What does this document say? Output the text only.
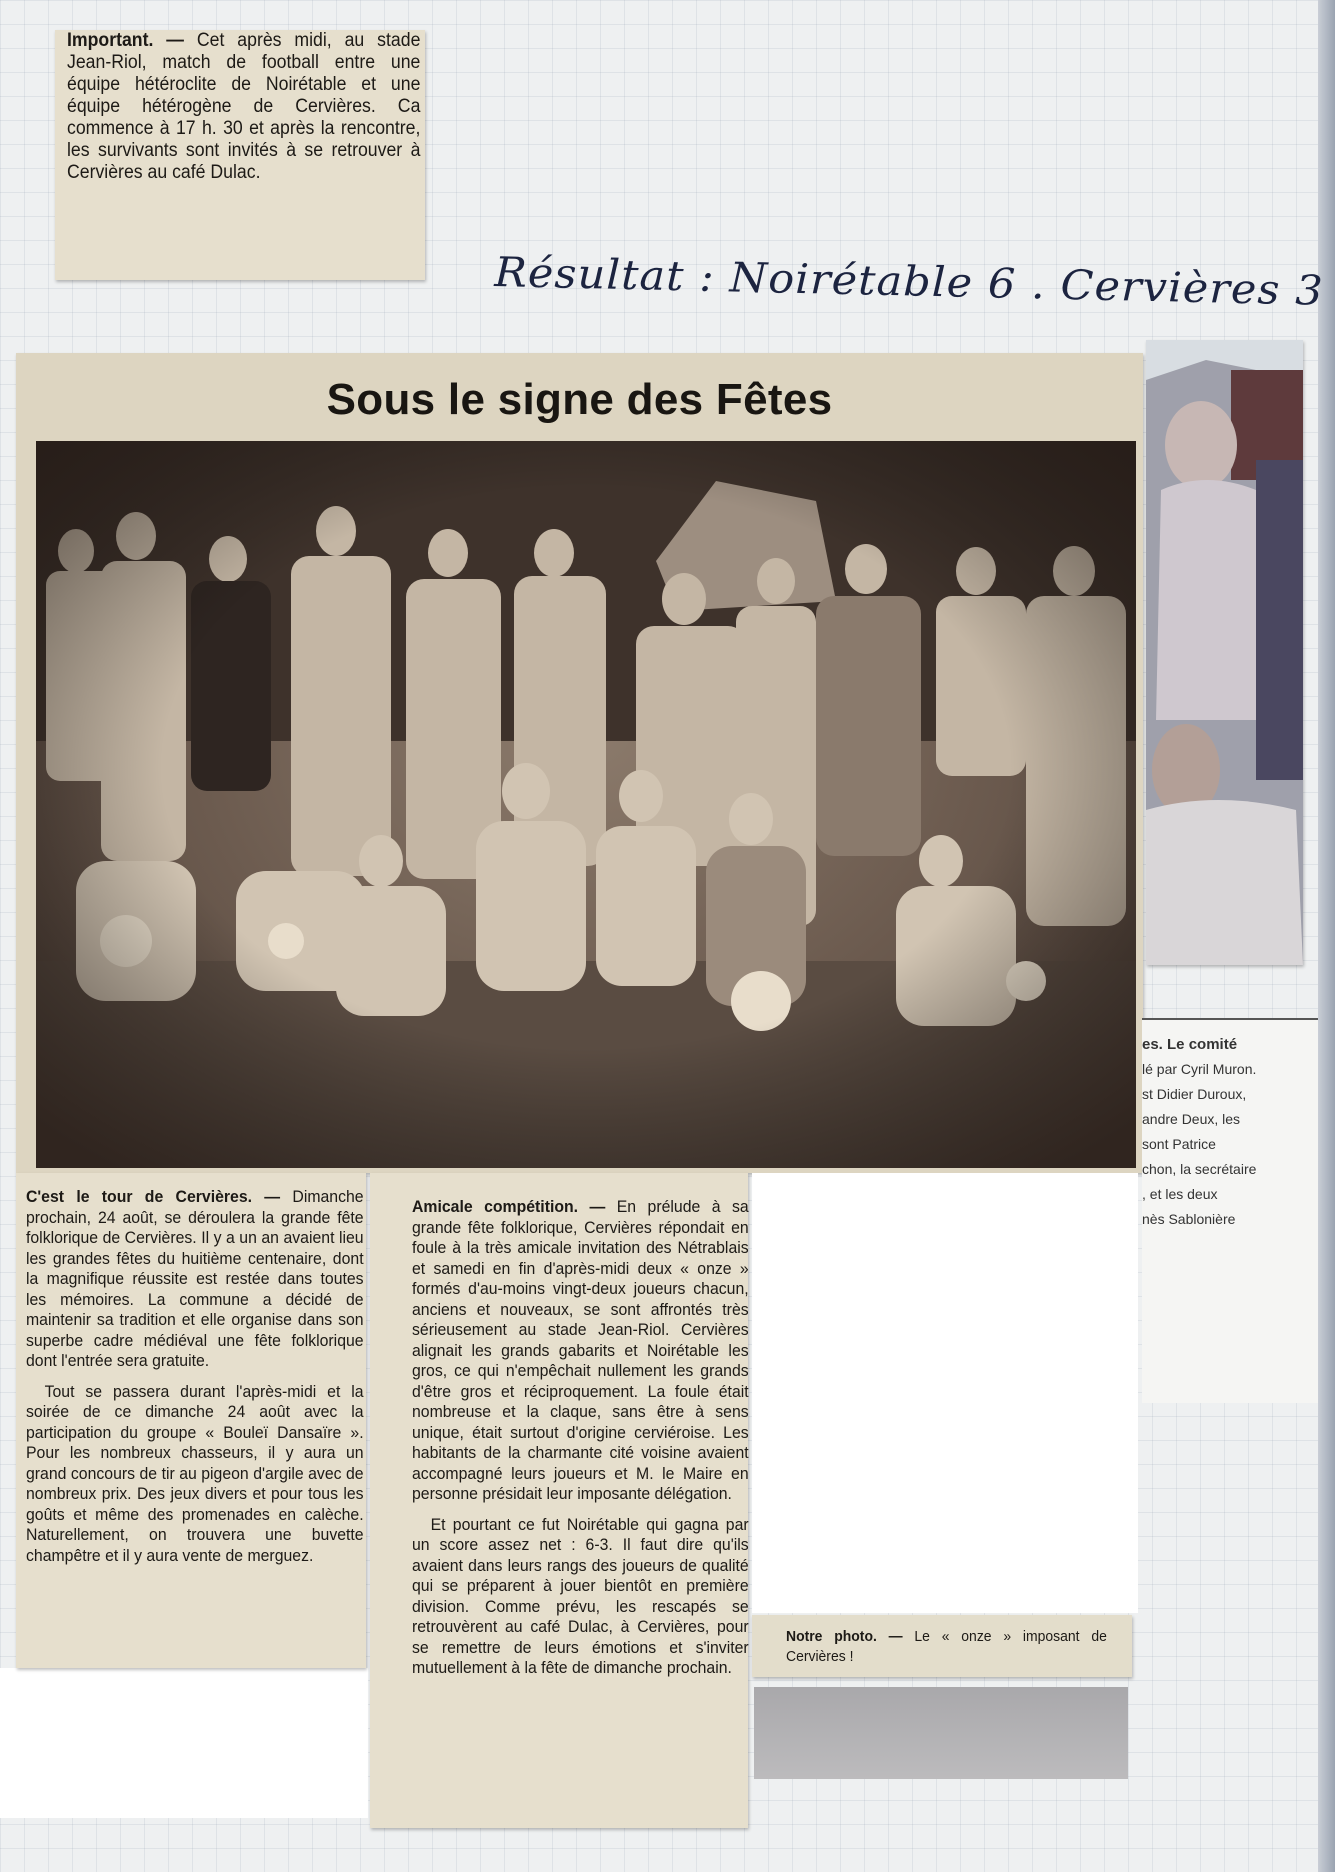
Important. — Cet après midi, au stade Jean-Riol, match de football entre une équipe hétéroclite de Noirétable et une équipe hétérogène de Cervières. Ca commence à 17 h. 30 et après la rencontre, les survivants sont invités à se retrouver à Cervières au café Dulac.

Résultat : Noirétable 6 . Cervières 3
Sous le signe des Fêtes
es. Le comité
lé par Cyril Muron.
st Didier Duroux,
andre Deux, les
sont Patrice
chon, la secrétaire
, et les deux
nès Sablonière

C'est le tour de Cervières. — Dimanche prochain, 24 août, se déroulera la grande fête folklorique de Cervières. Il y a un an avaient lieu les grandes fêtes du huitième centenaire, dont la magnifique réussite est restée dans toutes les mémoires. La commune a décidé de maintenir sa tradition et elle organise dans son superbe cadre médiéval une fête folklorique dont l'entrée sera gratuite.

Tout se passera durant l'après-midi et la soirée de ce dimanche 24 août avec la participation du groupe « Bouleï Dansaïre ». Pour les nombreux chasseurs, il y aura un grand concours de tir au pigeon d'argile avec de nombreux prix. Des jeux divers et pour tous les goûts et même des promenades en calèche. Naturellement, on trouvera une buvette champêtre et il y aura vente de merguez.

Amicale compétition. — En prélude à sa grande fête folklorique, Cervières répondait en foule à la très amicale invitation des Nétrablais et samedi en fin d'après-midi deux « onze » formés d'au-moins vingt-deux joueurs chacun, anciens et nouveaux, se sont affrontés très sérieusement au stade Jean-Riol. Cervières alignait les grands gabarits et Noirétable les gros, ce qui n'empêchait nullement les grands d'être gros et réciproquement. La foule était nombreuse et la claque, sans être à sens unique, était surtout d'origine cerviéroise. Les habitants de la charmante cité voisine avaient accompagné leurs joueurs et M. le Maire en personne présidait leur imposante délégation.

Et pourtant ce fut Noirétable qui gagna par un score assez net : 6-3. Il faut dire qu'ils avaient dans leurs rangs des joueurs de qualité qui se préparent à jouer bientôt en première division. Comme prévu, les rescapés se retrouvèrent au café Dulac, à Cervières, pour se remettre de leurs émotions et s'inviter mutuellement à la fête de dimanche prochain.

Notre photo. — Le « onze » imposant de Cervières !
